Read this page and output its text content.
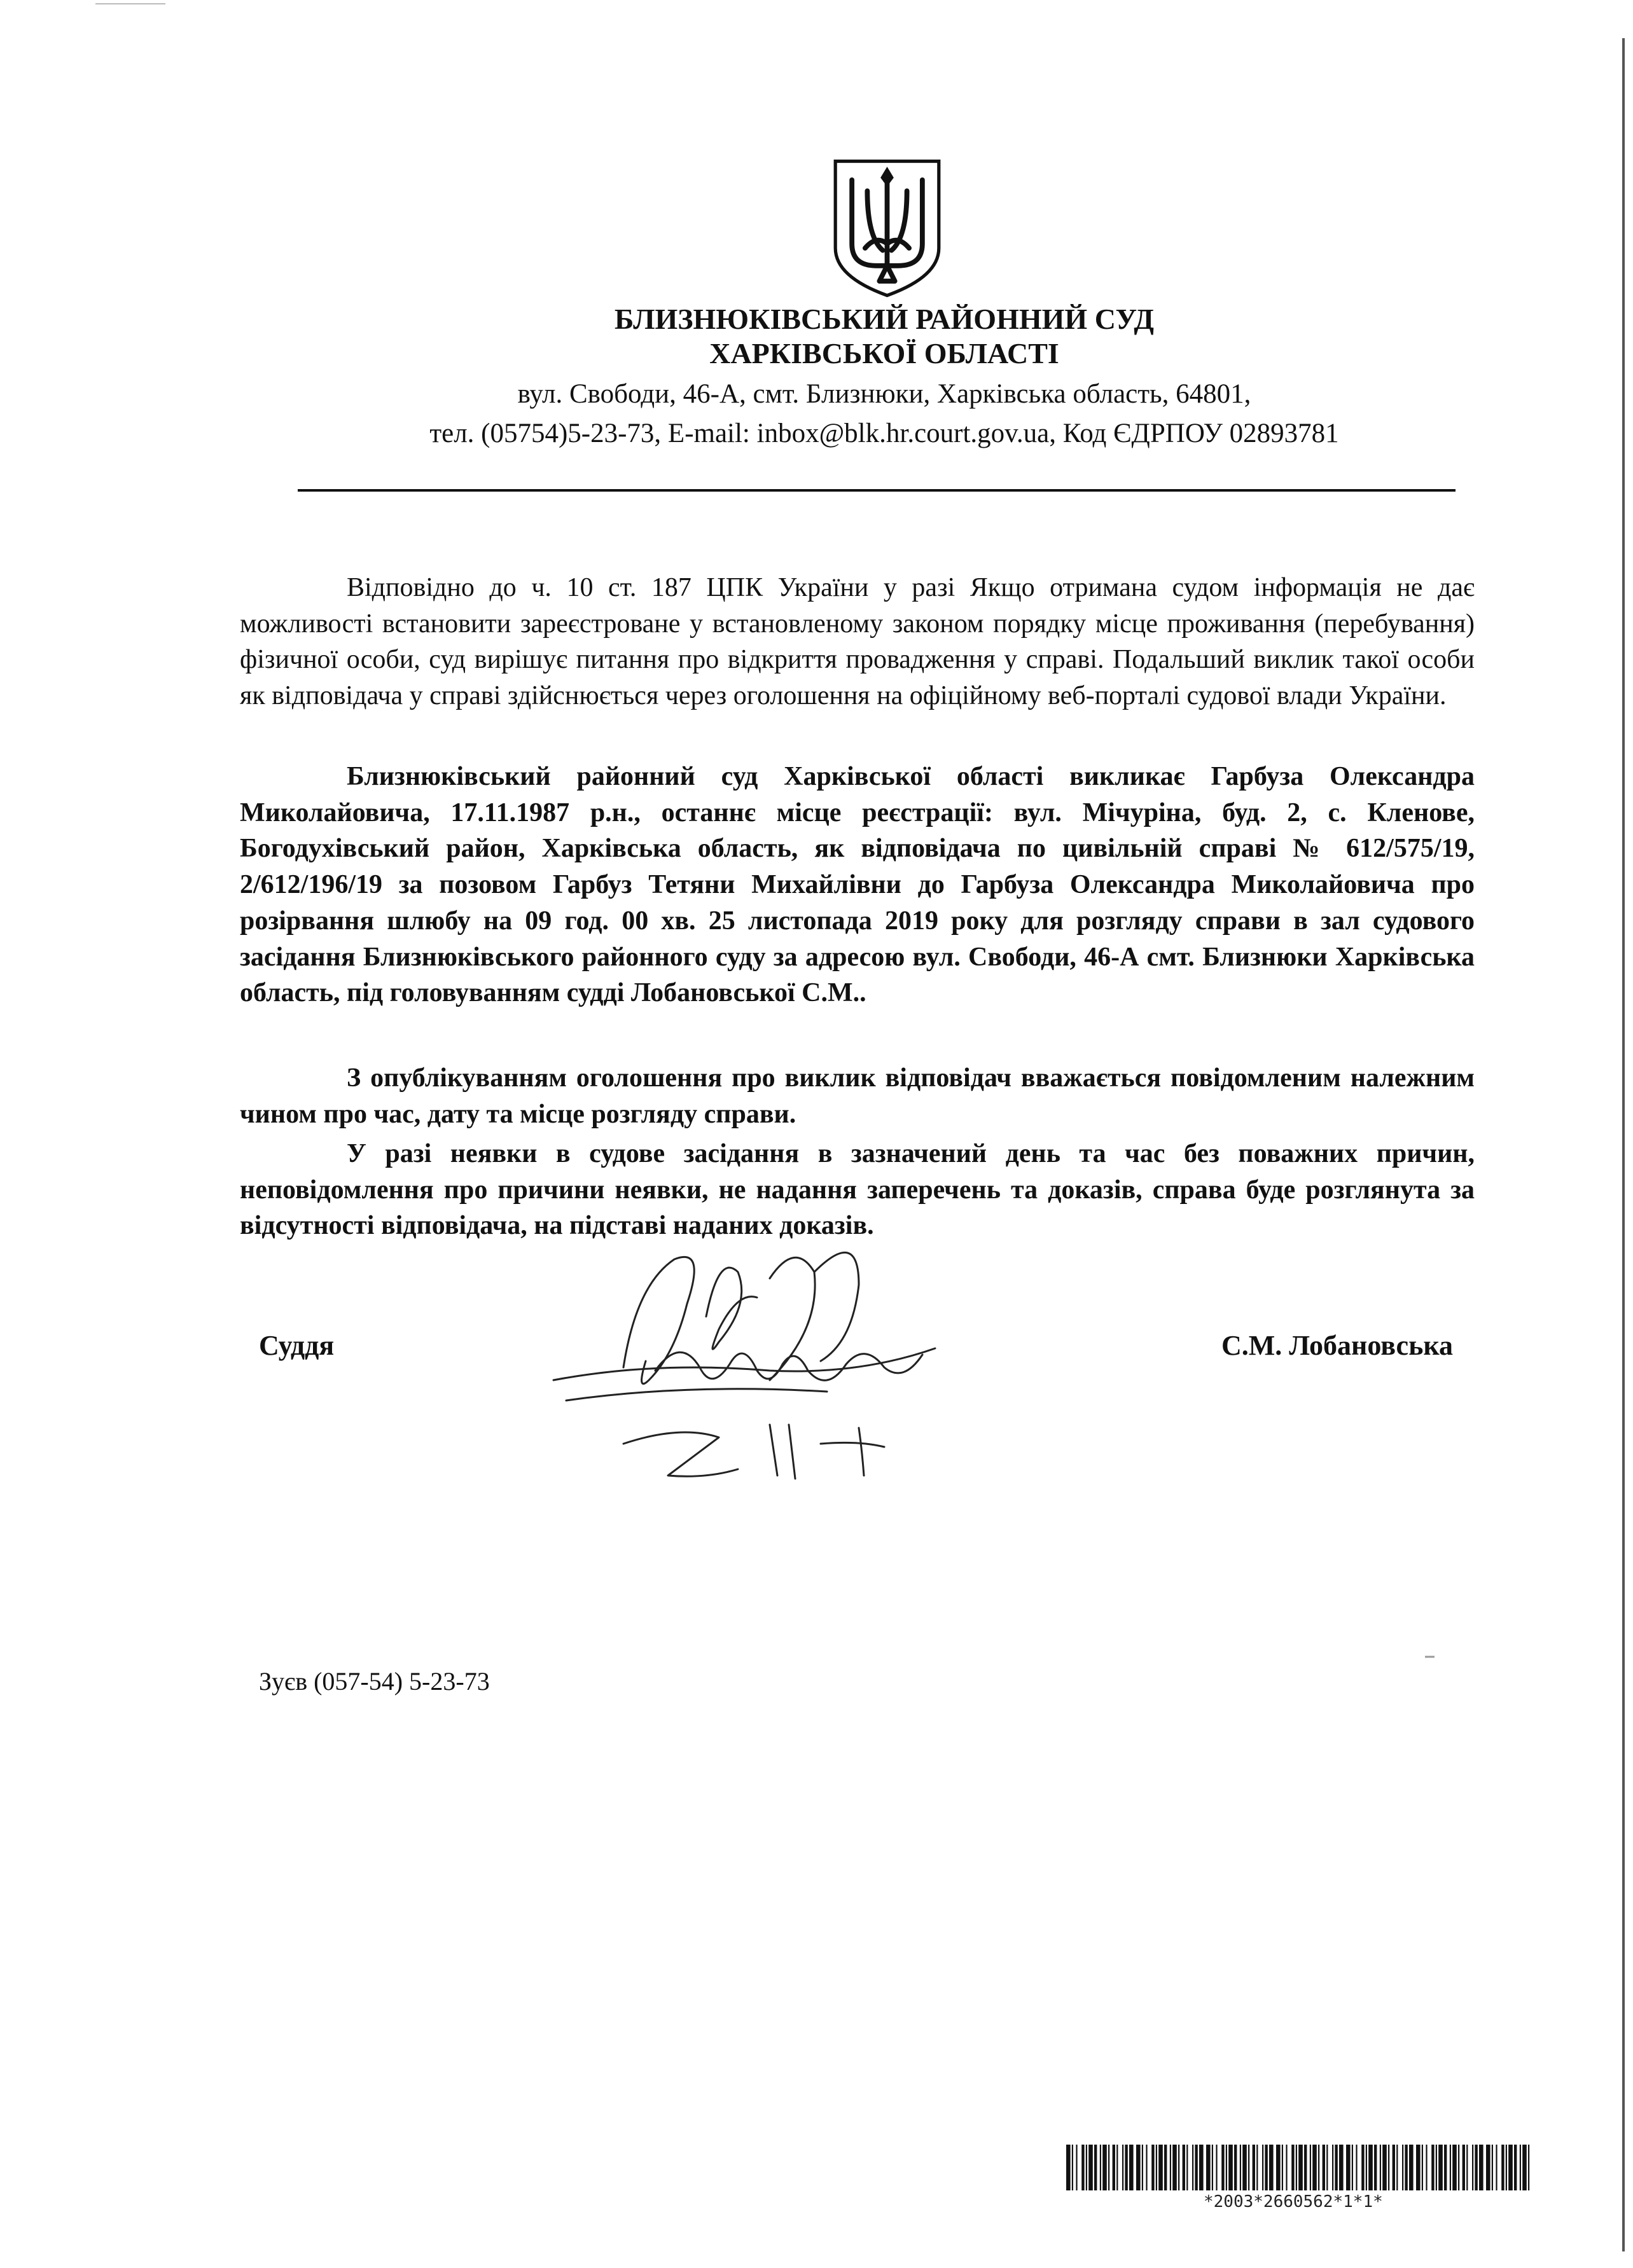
БЛИЗНЮКІВСЬКИЙ РАЙОННИЙ СУД
ХАРКІВСЬКОЇ ОБЛАСТІ
вул. Свободи, 46-А, смт. Близнюки, Харківська область, 64801,
тел. (05754)5-23-73, E-mail: inbox@blk.hr.court.gov.ua, Код ЄДРПОУ 02893781

Відповідно до ч. 10 ст. 187 ЦПК України у разі Якщо отримана судом інформація не дає можливості встановити зареєстроване у встановленому законом порядку місце проживання (перебування) фізичної особи, суд вирішує питання про відкриття провадження у справі. Подальший виклик такої особи як відповідача у справі здійснюється через оголошення на офіційному веб-порталі судової влади України.

Близнюківський районний суд Харківської області викликає Гарбуза Олександра Миколайовича, 17.11.1987 р.н., останнє місце реєстрації: вул. Мічуріна, буд. 2, с. Кленове, Богодухівський район, Харківська область, як відповідача по цивільній справі № 612/575/19, 2/612/196/19 за позовом Гарбуз Тетяни Михайлівни до Гарбуза Олександра Миколайовича про розірвання шлюбу на 09 год. 00 хв. 25 листопада 2019 року для розгляду справи в зал судового засідання Близнюківського районного суду за адресою вул. Свободи, 46-А смт. Близнюки Харківська область, під головуванням судді Лобановської С.М..

З опублікуванням оголошення про виклик відповідач вважається повідомленим належним чином про час, дату та місце розгляду справи.

У разі неявки в судове засідання в зазначений день та час без поважних причин, неповідомлення про причини неявки, не надання заперечень та доказів, справа буде розглянута за відсутності відповідача, на підставі наданих доказів.

Суддя	С.М. Лобановська
Зуєв (057-54) 5-23-73
*2003*2660562*1*1*
